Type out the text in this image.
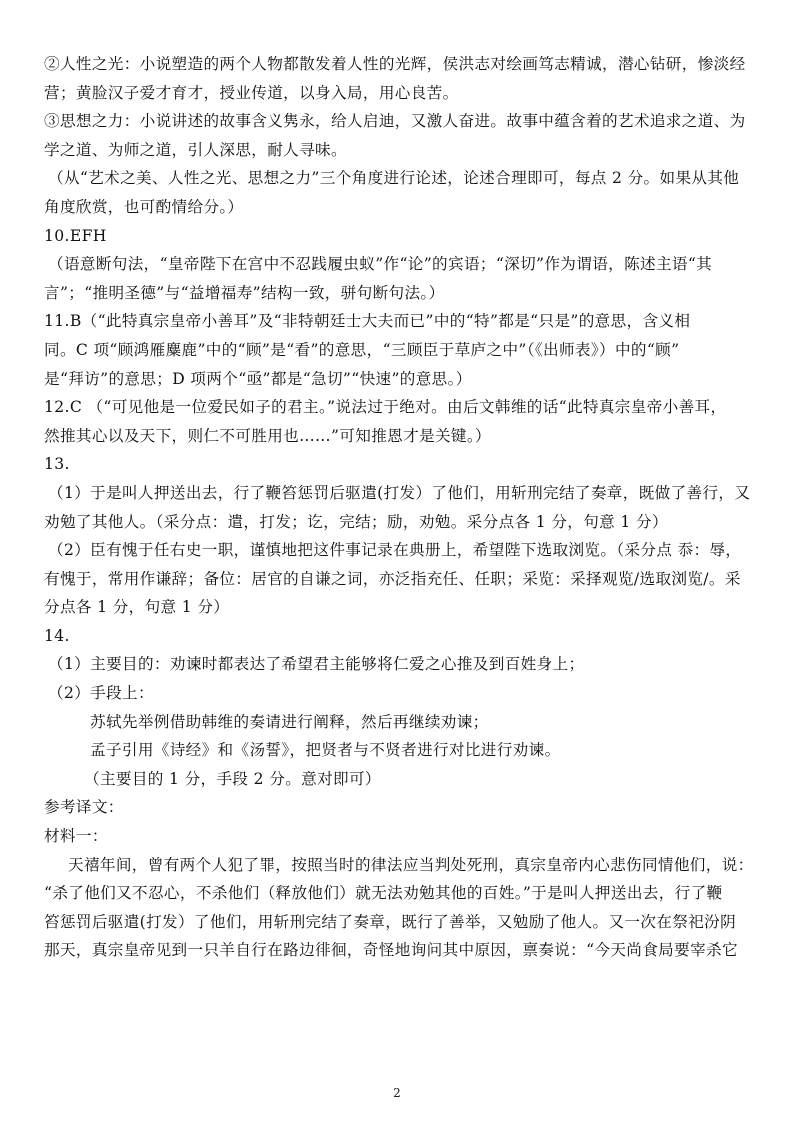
②人性之光：小说塑造的两个人物都散发着人性的光辉，侯洪志对绘画笃志精诚，潜心钻研，惨淡经
营；黄脸汉子爱才育才，授业传道，以身入局，用心良苦。
③思想之力：小说讲述的故事含义隽永，给人启迪，又激人奋进。故事中蕴含着的艺术追求之道、为
学之道、为师之道，引人深思，耐人寻味。
（从“艺术之美、人性之光、思想之力”三个角度进行论述，论述合理即可，每点 2 分。如果从其他
角度欣赏，也可酌情给分。）
10.EFH
（语意断句法，“皇帝陛下在宫中不忍践履虫蚁”作“论”的宾语；“深切”作为谓语，陈述主语“其
言”；“推明圣德”与“益增福寿”结构一致，骈句断句法。）
11.B（“此特真宗皇帝小善耳”及“非特朝廷士大夫而已”中的“特”都是“只是”的意思，含义相
同。C 项“顾鸿雁麋鹿”中的“顾”是“看”的意思，“三顾臣于草庐之中”（《出师表》）中的“顾”
是“拜访”的意思；D 项两个“亟”都是“急切”“快速”的意思。）
12.C （“可见他是一位爱民如子的君主。”说法过于绝对。由后文韩维的话“此特真宗皇帝小善耳，
然推其心以及天下，则仁不可胜用也……”可知推恩才是关键。）
13.
（1）于是叫人押送出去，行了鞭笞惩罚后驱遣(打发）了他们，用斩刑完结了奏章，既做了善行，又
劝勉了其他人。（采分点：遣，打发；讫，完结；励，劝勉。采分点各 1 分，句意 1 分）
（2）臣有愧于任右史一职，谨慎地把这件事记录在典册上，希望陛下选取浏览。（采分点 忝：辱，
有愧于，常用作谦辞；备位：居官的自谦之词，亦泛指充任、任职；采览：采择观览/选取浏览/。采
分点各 1 分，句意 1 分）
14.
（1）主要目的：劝谏时都表达了希望君主能够将仁爱之心推及到百姓身上；
（2）手段上：
苏轼先举例借助韩维的奏请进行阐释，然后再继续劝谏；
孟子引用《诗经》和《汤誓》，把贤者与不贤者进行对比进行劝谏。
（主要目的 1 分，手段 2 分。意对即可）
参考译文：
材料一：
天禧年间，曾有两个人犯了罪，按照当时的律法应当判处死刑，真宗皇帝内心悲伤同情他们，说：
“杀了他们又不忍心，不杀他们（释放他们）就无法劝勉其他的百姓。”于是叫人押送出去，行了鞭
笞惩罚后驱遣(打发）了他们，用斩刑完结了奏章，既行了善举，又勉励了他人。又一次在祭祀汾阴
那天，真宗皇帝见到一只羊自行在路边徘徊，奇怪地询问其中原因，禀奏说：“今天尚食局要宰杀它
2
